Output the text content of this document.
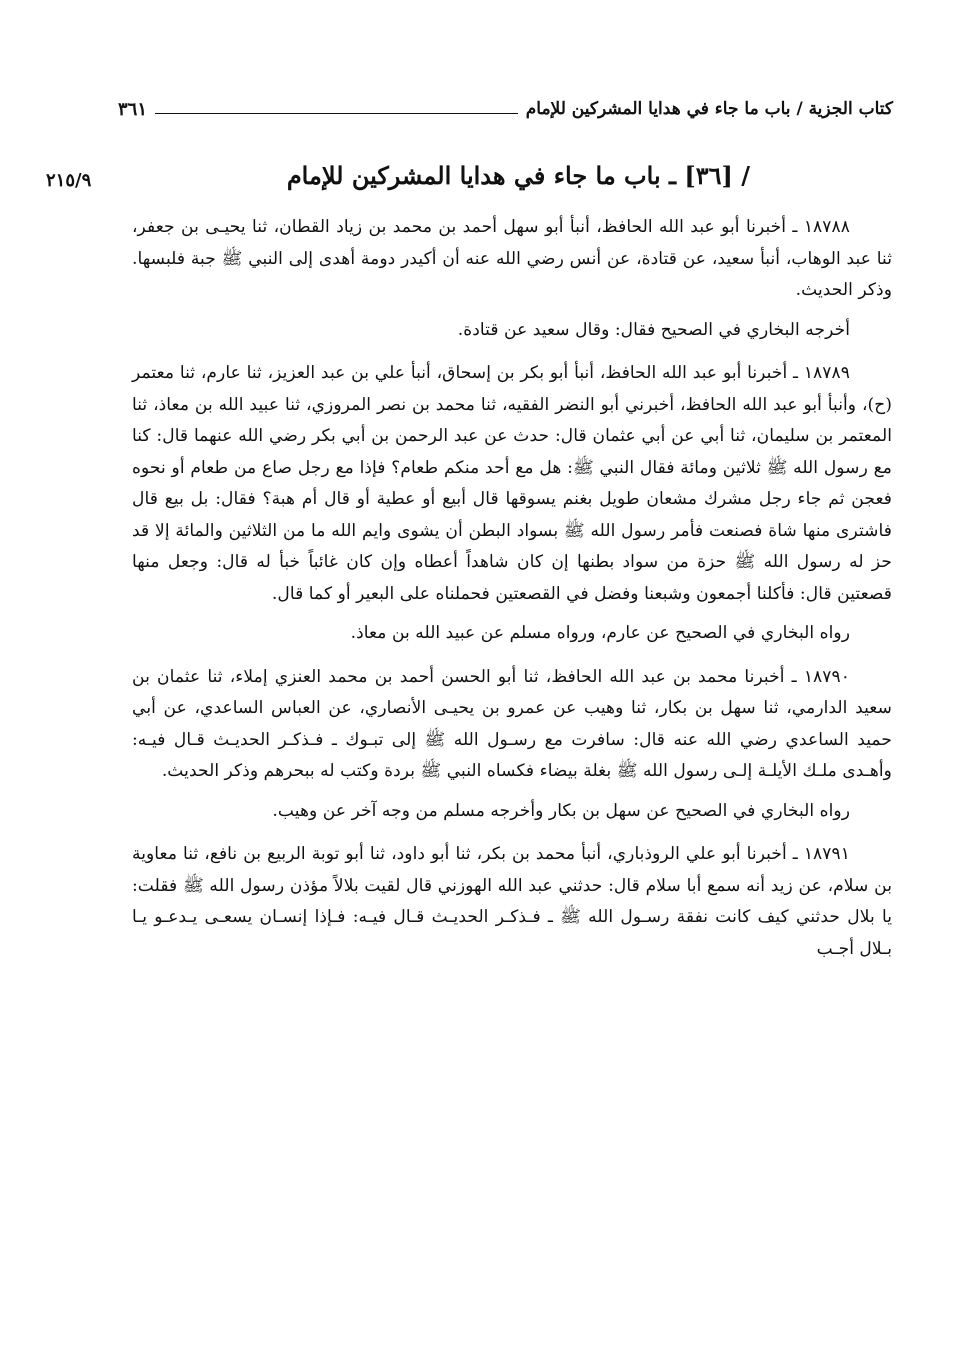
كتاب الجزية / باب ما جاء في هدايا المشركين للإمام
٣٦١
٢١٥/٩	/ [٣٦] ـ باب ما جاء في هدايا المشركين للإمام

١٨٧٨٨ ـ أخبرنا أبو عبد الله الحافظ، أنبأ أبو سهل أحمد بن محمد بن زياد القطان، ثنا يحيـى بن جعفر، ثنا عبد الوهاب، أنبأ سعيد، عن قتادة، عن أنس رضي الله عنه أن أكيدر دومة أهدى إلى النبي ﷺ جبة فلبسها. وذكر الحديث.

أخرجه البخاري في الصحيح فقال: وقال سعيد عن قتادة.

١٨٧٨٩ ـ أخبرنا أبو عبد الله الحافظ، أنبأ أبو بكر بن إسحاق، أنبأ علي بن عبد العزيز، ثنا عارم، ثنا معتمر (ح)، وأنبأ أبو عبد الله الحافظ، أخبرني أبو النضر الفقيه، ثنا محمد بن نصر المروزي، ثنا عبيد الله بن معاذ، ثنا المعتمر بن سليمان، ثنا أبي عن أبي عثمان قال: حدث عن عبد الرحمن بن أبي بكر رضي الله عنهما قال: كنا مع رسول الله ﷺ ثلاثين ومائة فقال النبي ﷺ: هل مع أحد منكم طعام؟ فإذا مع رجل صاع من طعام أو نحوه فعجن ثم جاء رجل مشرك مشعان طويل بغنم يسوقها قال أبيع أو عطية أو قال أم هبة؟ فقال: بل بيع قال فاشترى منها شاة فصنعت فأمر رسول الله ﷺ بسواد البطن أن يشوى وايم الله ما من الثلاثين والمائة إلا قد حز له رسول الله ﷺ حزة من سواد بطنها إن كان شاهداً أعطاه وإن كان غائباً خبأ له قال: وجعل منها قصعتين قال: فأكلنا أجمعون وشبعنا وفضل في القصعتين فحملناه على البعير أو كما قال.

رواه البخاري في الصحيح عن عارم، ورواه مسلم عن عبيد الله بن معاذ.

١٨٧٩٠ ـ أخبرنا محمد بن عبد الله الحافظ، ثنا أبو الحسن أحمد بن محمد العنزي إملاء، ثنا عثمان بن سعيد الدارمي، ثنا سهل بن بكار، ثنا وهيب عن عمرو بن يحيـى الأنصاري، عن العباس الساعدي، عن أبي حميد الساعدي رضي الله عنه قال: سافرت مع رسـول الله ﷺ إلى تبـوك ـ فـذكـر الحديـث قـال فيـه: وأهـدى ملـك الأيلـة إلـى رسول الله ﷺ بغلة بيضاء فكساه النبي ﷺ بردة وكتب له ببحرهم وذكر الحديث.

رواه البخاري في الصحيح عن سهل بن بكار وأخرجه مسلم من وجه آخر عن وهيب.

١٨٧٩١ ـ أخبرنا أبو علي الروذباري، أنبأ محمد بن بكر، ثنا أبو داود، ثنا أبو توبة الربيع بن نافع، ثنا معاوية بن سلام، عن زيد أنه سمع أبا سلام قال: حدثني عبد الله الهوزني قال لقيت بلالاً مؤذن رسول الله ﷺ فقلت: يا بلال حدثني كيف كانت نفقة رسـول الله ﷺ ـ فـذكـر الحديـث قـال فيـه: فـإذا إنسـان يسعـى يـدعـو يـا بـلال أجـب
